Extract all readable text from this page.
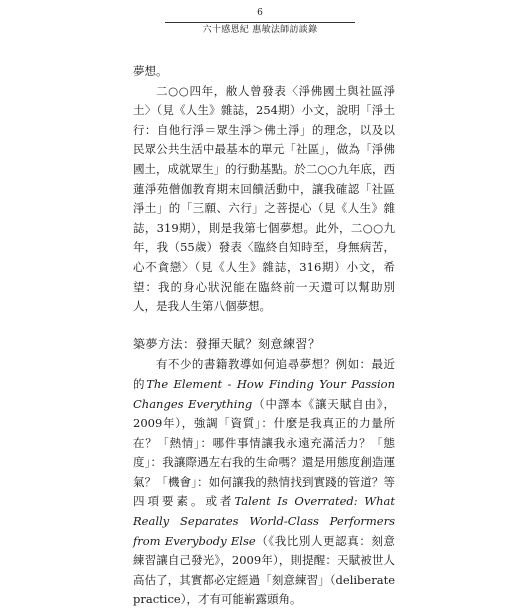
6
六十感恩紀 惠敏法師訪談錄

夢想。

二○○四年，敝人曾發表〈淨佛國土與社區淨土〉（見《人生》雜誌，254期）小文，說明「淨土行：自他行淨＝眾生淨＞佛土淨」的理念，以及以民眾公共生活中最基本的單元「社區」，做為「淨佛國土，成就眾生」的行動基點。於二○○九年底，西蓮淨苑僧伽教育期末回饋活動中，讓我確認「社區淨土」的「三願、六行」之菩提心（見《人生》雜誌，319期），則是我第七個夢想。此外，二○○九年，我（55歲）發表〈臨終自知時至，身無病苦，心不貪戀〉（見《人生》雜誌，316期）小文，希望：我的身心狀況能在臨終前一天還可以幫助別人，是我人生第八個夢想。

築夢方法：發揮天賦？刻意練習？

有不少的書籍教導如何追尋夢想？例如：最近的The Element - How Finding Your Passion Changes Everything（中譯本《讓天賦自由》，2009年），強調「資質」：什麼是我真正的力量所在？「熱情」：哪件事情讓我永遠充滿活力？「態度」：我讓際遇左右我的生命嗎？還是用態度創造運氣？「機會」：如何讓我的熱情找到實踐的管道？等四項要素。或者Talent Is Overrated: What Really Separates World-Class Performers from Everybody Else（《我比別人更認真：刻意練習讓自己發光》，2009年），則提醒：天賦被世人高估了，其實都必定經過「刻意練習」（deliberate practice），才有可能嶄露頭角。
